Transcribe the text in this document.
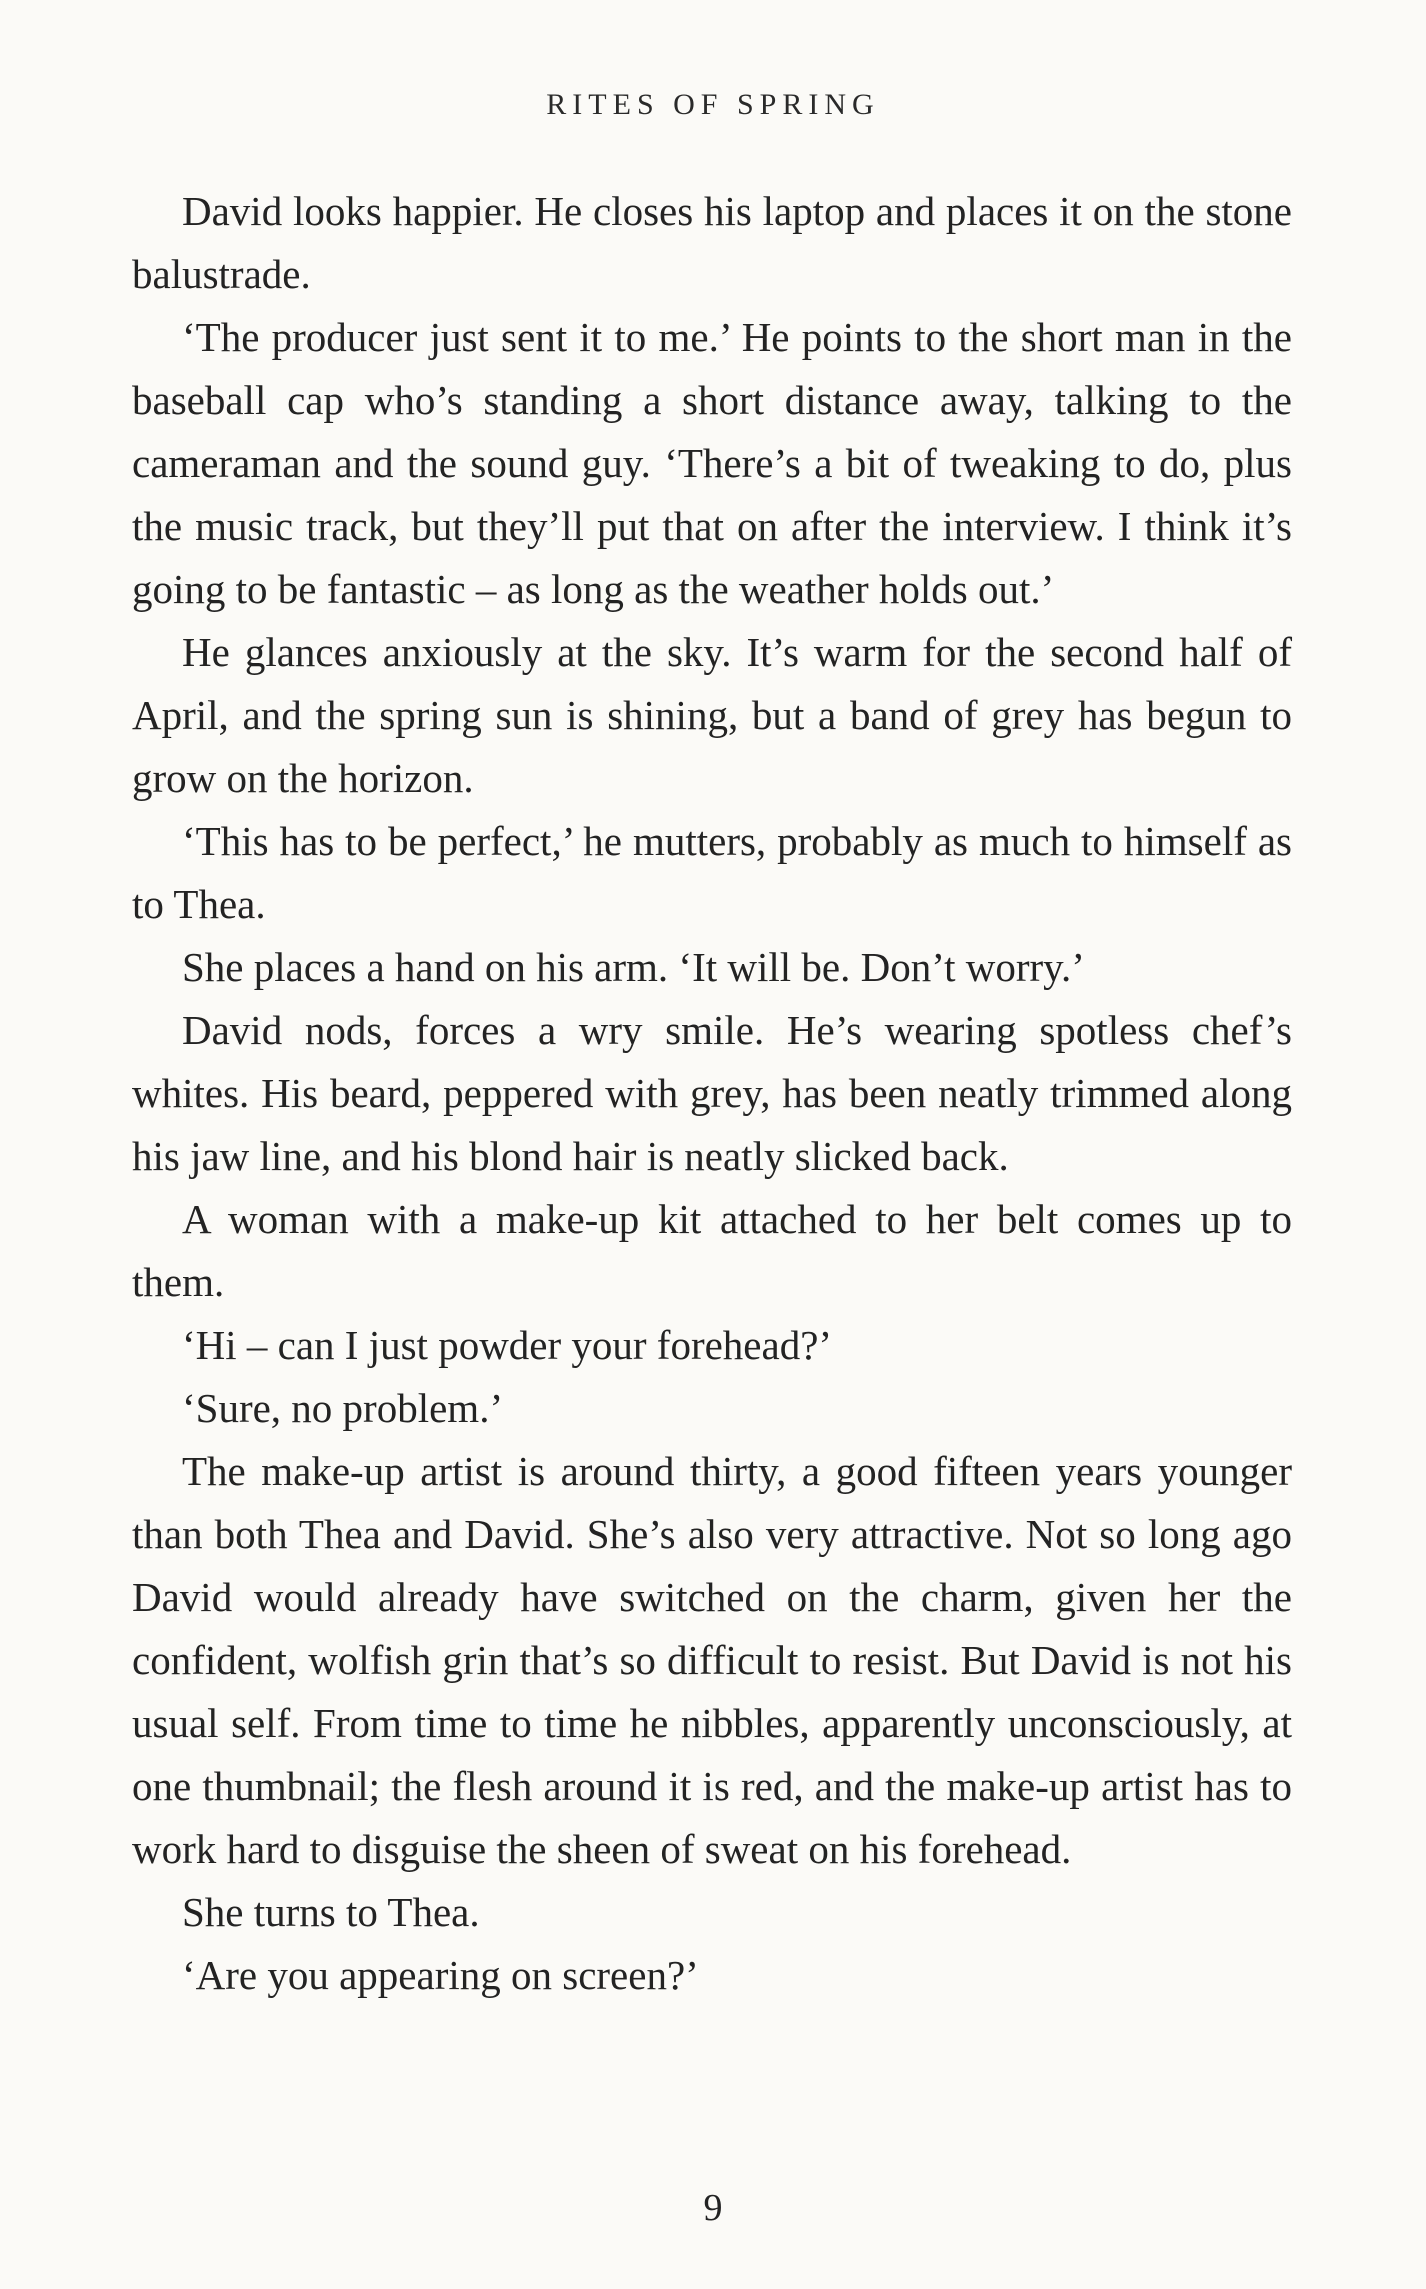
RITES OF SPRING

David looks happier. He closes his laptop and places it on the stone balustrade.

‘The producer just sent it to me.’ He points to the short man in the baseball cap who’s standing a short distance away, talking to the cameraman and the sound guy. ‘There’s a bit of tweaking to do, plus the music track, but they’ll put that on after the interview. I think it’s going to be fantastic – as long as the weather holds out.’

He glances anxiously at the sky. It’s warm for the second half of April, and the spring sun is shining, but a band of grey has begun to grow on the horizon.

‘This has to be perfect,’ he mutters, probably as much to himself as to Thea.

She places a hand on his arm. ‘It will be. Don’t worry.’

David nods, forces a wry smile. He’s wearing spotless chef’s whites. His beard, peppered with grey, has been neatly trimmed along his jaw line, and his blond hair is neatly slicked back.

A woman with a make-up kit attached to her belt comes up to them.

‘Hi – can I just powder your forehead?’

‘Sure, no problem.’

The make-up artist is around thirty, a good fifteen years younger than both Thea and David. She’s also very attractive. Not so long ago David would already have switched on the charm, given her the confident, wolfish grin that’s so difficult to resist. But David is not his usual self. From time to time he nibbles, apparently unconsciously, at one thumbnail; the flesh around it is red, and the make-up artist has to work hard to disguise the sheen of sweat on his forehead.

She turns to Thea.

‘Are you appearing on screen?’

9
